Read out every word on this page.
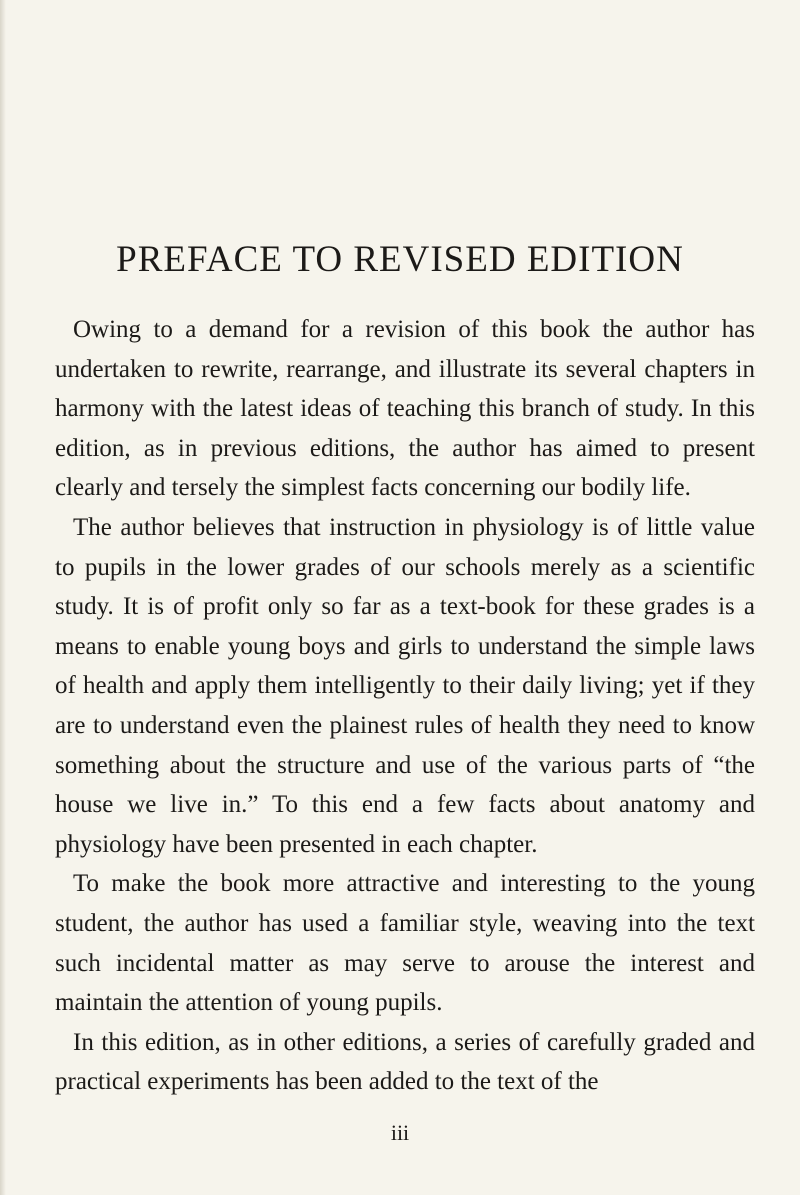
PREFACE TO REVISED EDITION

Owing to a demand for a revision of this book the author has undertaken to rewrite, rearrange, and illustrate its several chapters in harmony with the latest ideas of teaching this branch of study. In this edition, as in previous editions, the author has aimed to present clearly and tersely the simplest facts concerning our bodily life.

The author believes that instruction in physiology is of little value to pupils in the lower grades of our schools merely as a scientific study. It is of profit only so far as a text-book for these grades is a means to enable young boys and girls to understand the simple laws of health and apply them intelligently to their daily living; yet if they are to understand even the plainest rules of health they need to know something about the structure and use of the various parts of “the house we live in.” To this end a few facts about anatomy and physiology have been presented in each chapter.

To make the book more attractive and interesting to the young student, the author has used a familiar style, weaving into the text such incidental matter as may serve to arouse the interest and maintain the attention of young pupils.

In this edition, as in other editions, a series of carefully graded and practical experiments has been added to the text of the

iii
